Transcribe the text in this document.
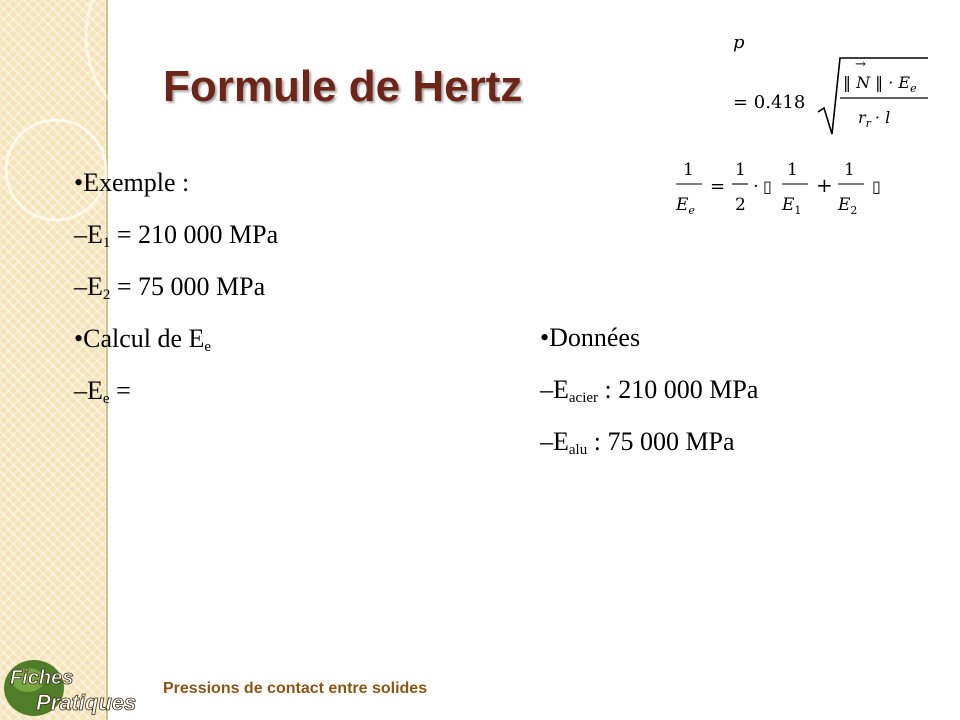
Formule de Hertz
p
= 0.418
→
‖ N ‖ · $E_e$
$r_r \cdot l$
1
$E_e$
=
1
2
· ▯
1
$E_1$
+
1
$E_2$
▯
•Exemple :
$-E_1 = 210$ 000 MPa
$-E_2 = 75$ 000 MPa
•Calcul de $E_e$
$-E_e$ =
•Données
$-E_{acier}$ : 210 000 MPa
$-E_{alu}$ : 75 000 MPa
Fiches
Pratiques
Pressions de contact entre solides
